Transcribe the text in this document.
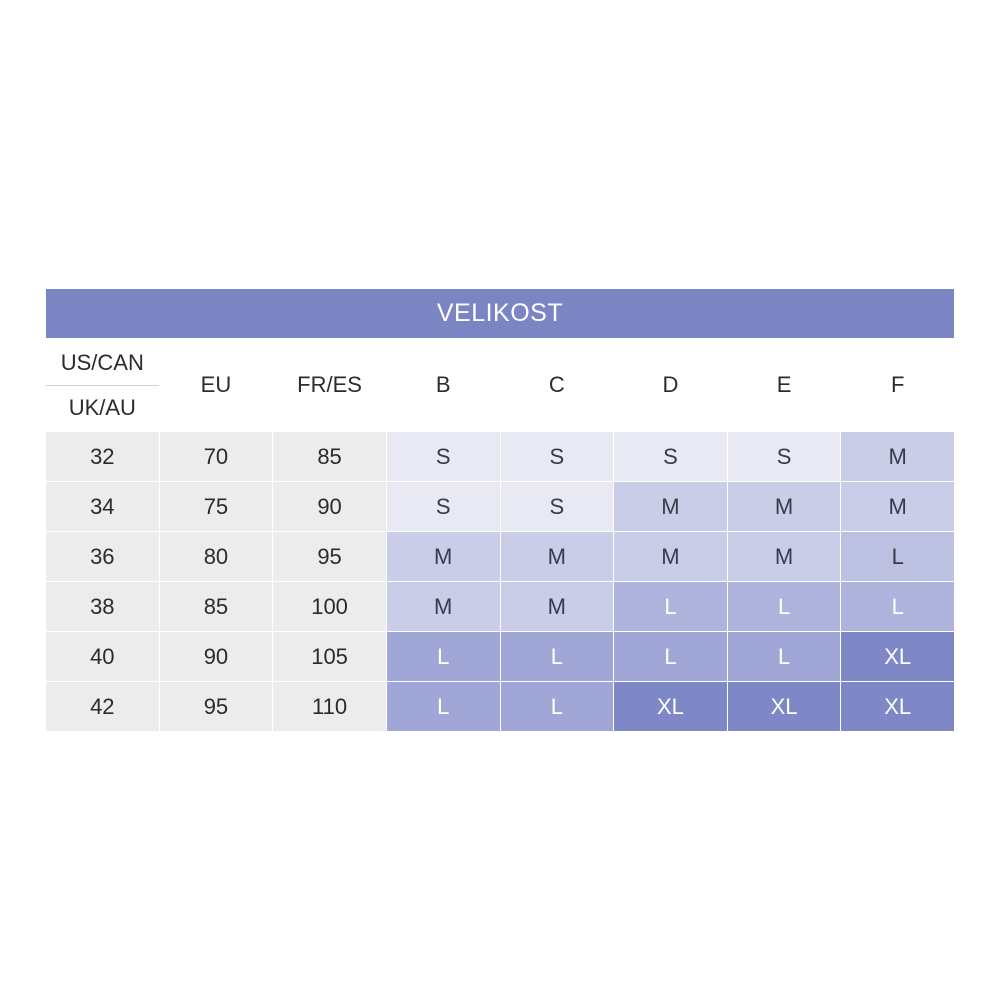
VELIKOST							

US/CAN
UK/AU	EU	FR/ES	B	C	D	E	F
32	70	85	S	S	S	S	M
34	75	90	S	S	M	M	M
36	80	95	M	M	M	M	L
38	85	100	M	M	L	L	L
40	90	105	L	L	L	L	XL
42	95	110	L	L	XL	XL	XL
